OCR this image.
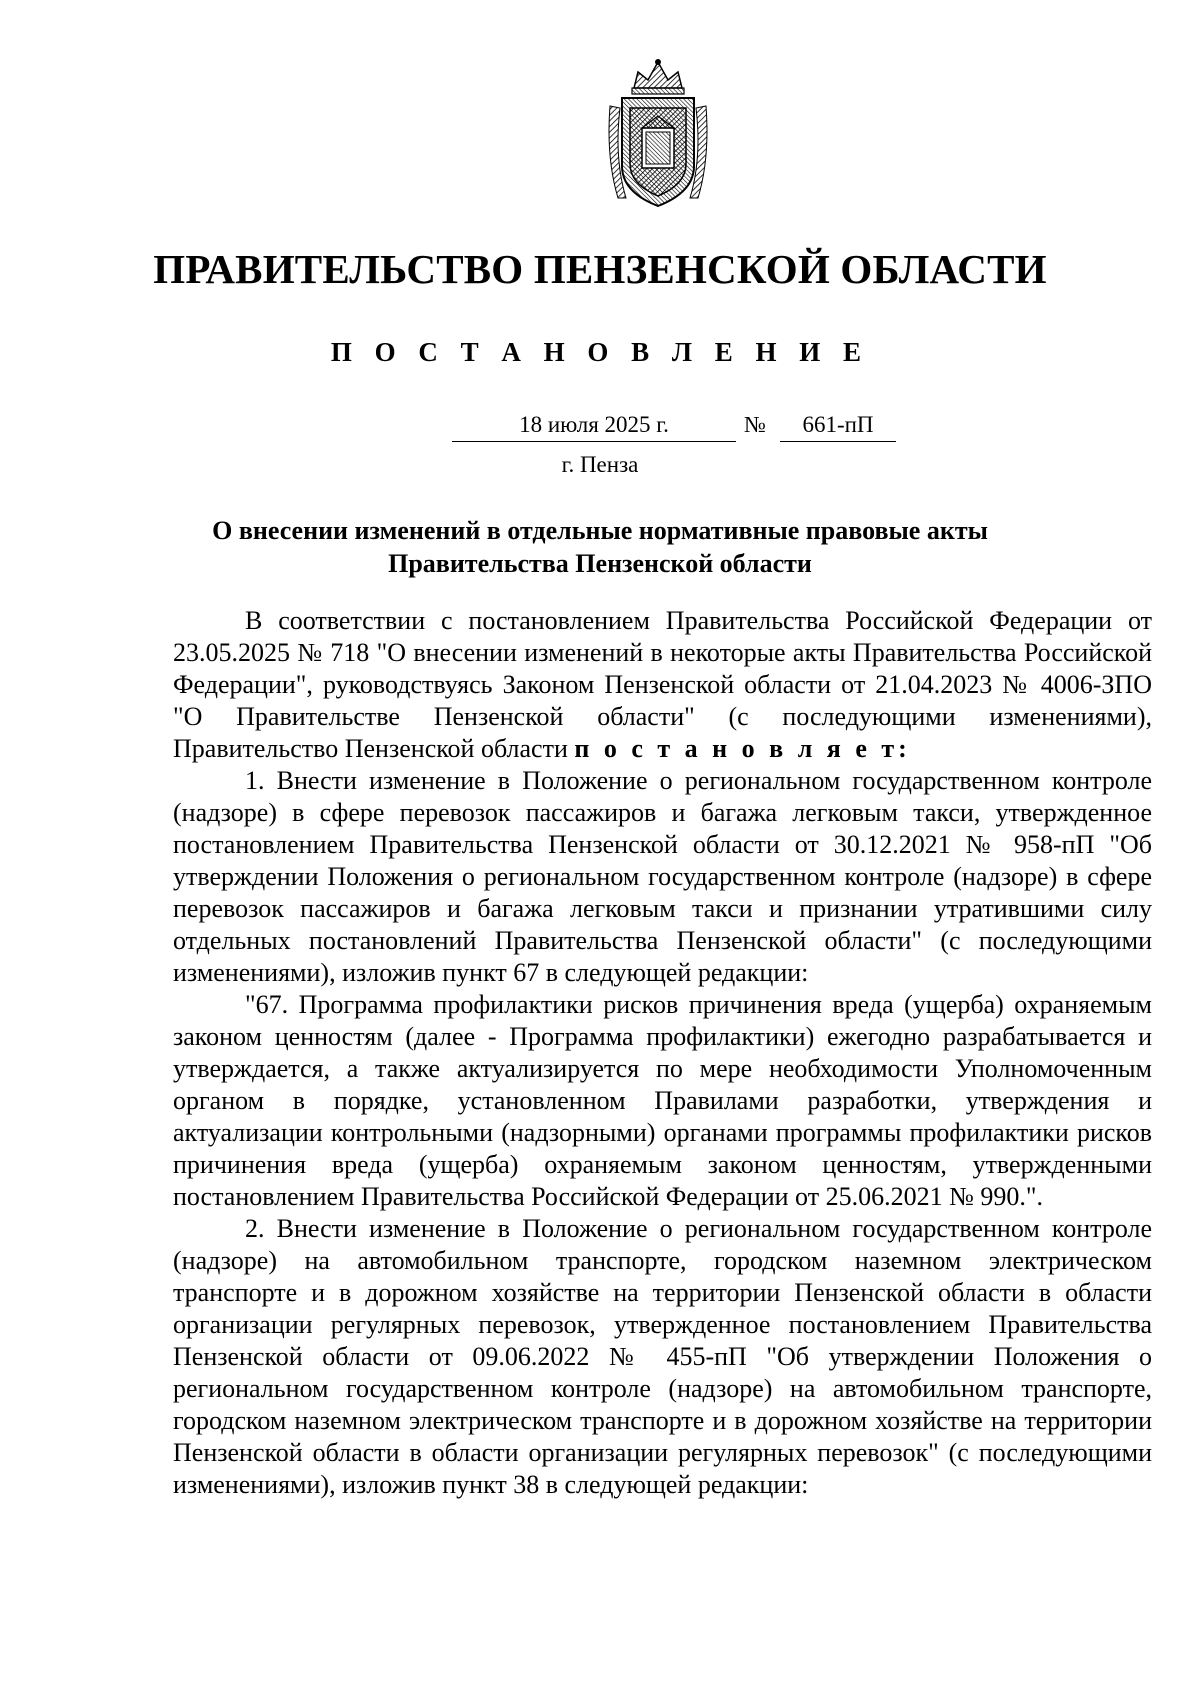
ПРАВИТЕЛЬСТВО ПЕНЗЕНСКОЙ ОБЛАСТИ
П О С Т А Н О В Л Е Н И Е
18 июля 2025 г.	№	661-пП
г. Пенза
О внесении изменений в отдельные нормативные правовые акты
Правительства Пензенской области

В соответствии с постановлением Правительства Российской Федерации от 23.05.2025 № 718 "О внесении изменений в некоторые акты Правительства Российской Федерации", руководствуясь Законом Пензенской области от 21.04.2023 № 4006-ЗПО "О Правительстве Пензенской области" (с последующими изменениями), Правительство Пензенской области п о с т а н о в л я е т:

1. Внести изменение в Положение о региональном государственном контроле (надзоре) в сфере перевозок пассажиров и багажа легковым такси, утвержденное постановлением Правительства Пензенской области от 30.12.2021 № 958-пП "Об утверждении Положения о региональном государственном контроле (надзоре) в сфере перевозок пассажиров и багажа легковым такси и признании утратившими силу отдельных постановлений Правительства Пензенской области" (с последующими изменениями), изложив пункт 67 в следующей редакции:

"67. Программа профилактики рисков причинения вреда (ущерба) охраняемым законом ценностям (далее - Программа профилактики) ежегодно разрабатывается и утверждается, а также актуализируется по мере необходимости Уполномоченным органом в порядке, установленном Правилами разработки, утверждения и актуализации контрольными (надзорными) органами программы профилактики рисков причинения вреда (ущерба) охраняемым законом ценностям, утвержденными постановлением Правительства Российской Федерации от 25.06.2021 № 990.".

2. Внести изменение в Положение о региональном государственном контроле (надзоре) на автомобильном транспорте, городском наземном электрическом транспорте и в дорожном хозяйстве на территории Пензенской области в области организации регулярных перевозок, утвержденное постановлением Правительства Пензенской области от 09.06.2022 № 455-пП "Об утверждении Положения о региональном государственном контроле (надзоре) на автомобильном транспорте, городском наземном электрическом транспорте и в дорожном хозяйстве на территории Пензенской области в области организации регулярных перевозок" (с последующими изменениями), изложив пункт 38 в следующей редакции:
